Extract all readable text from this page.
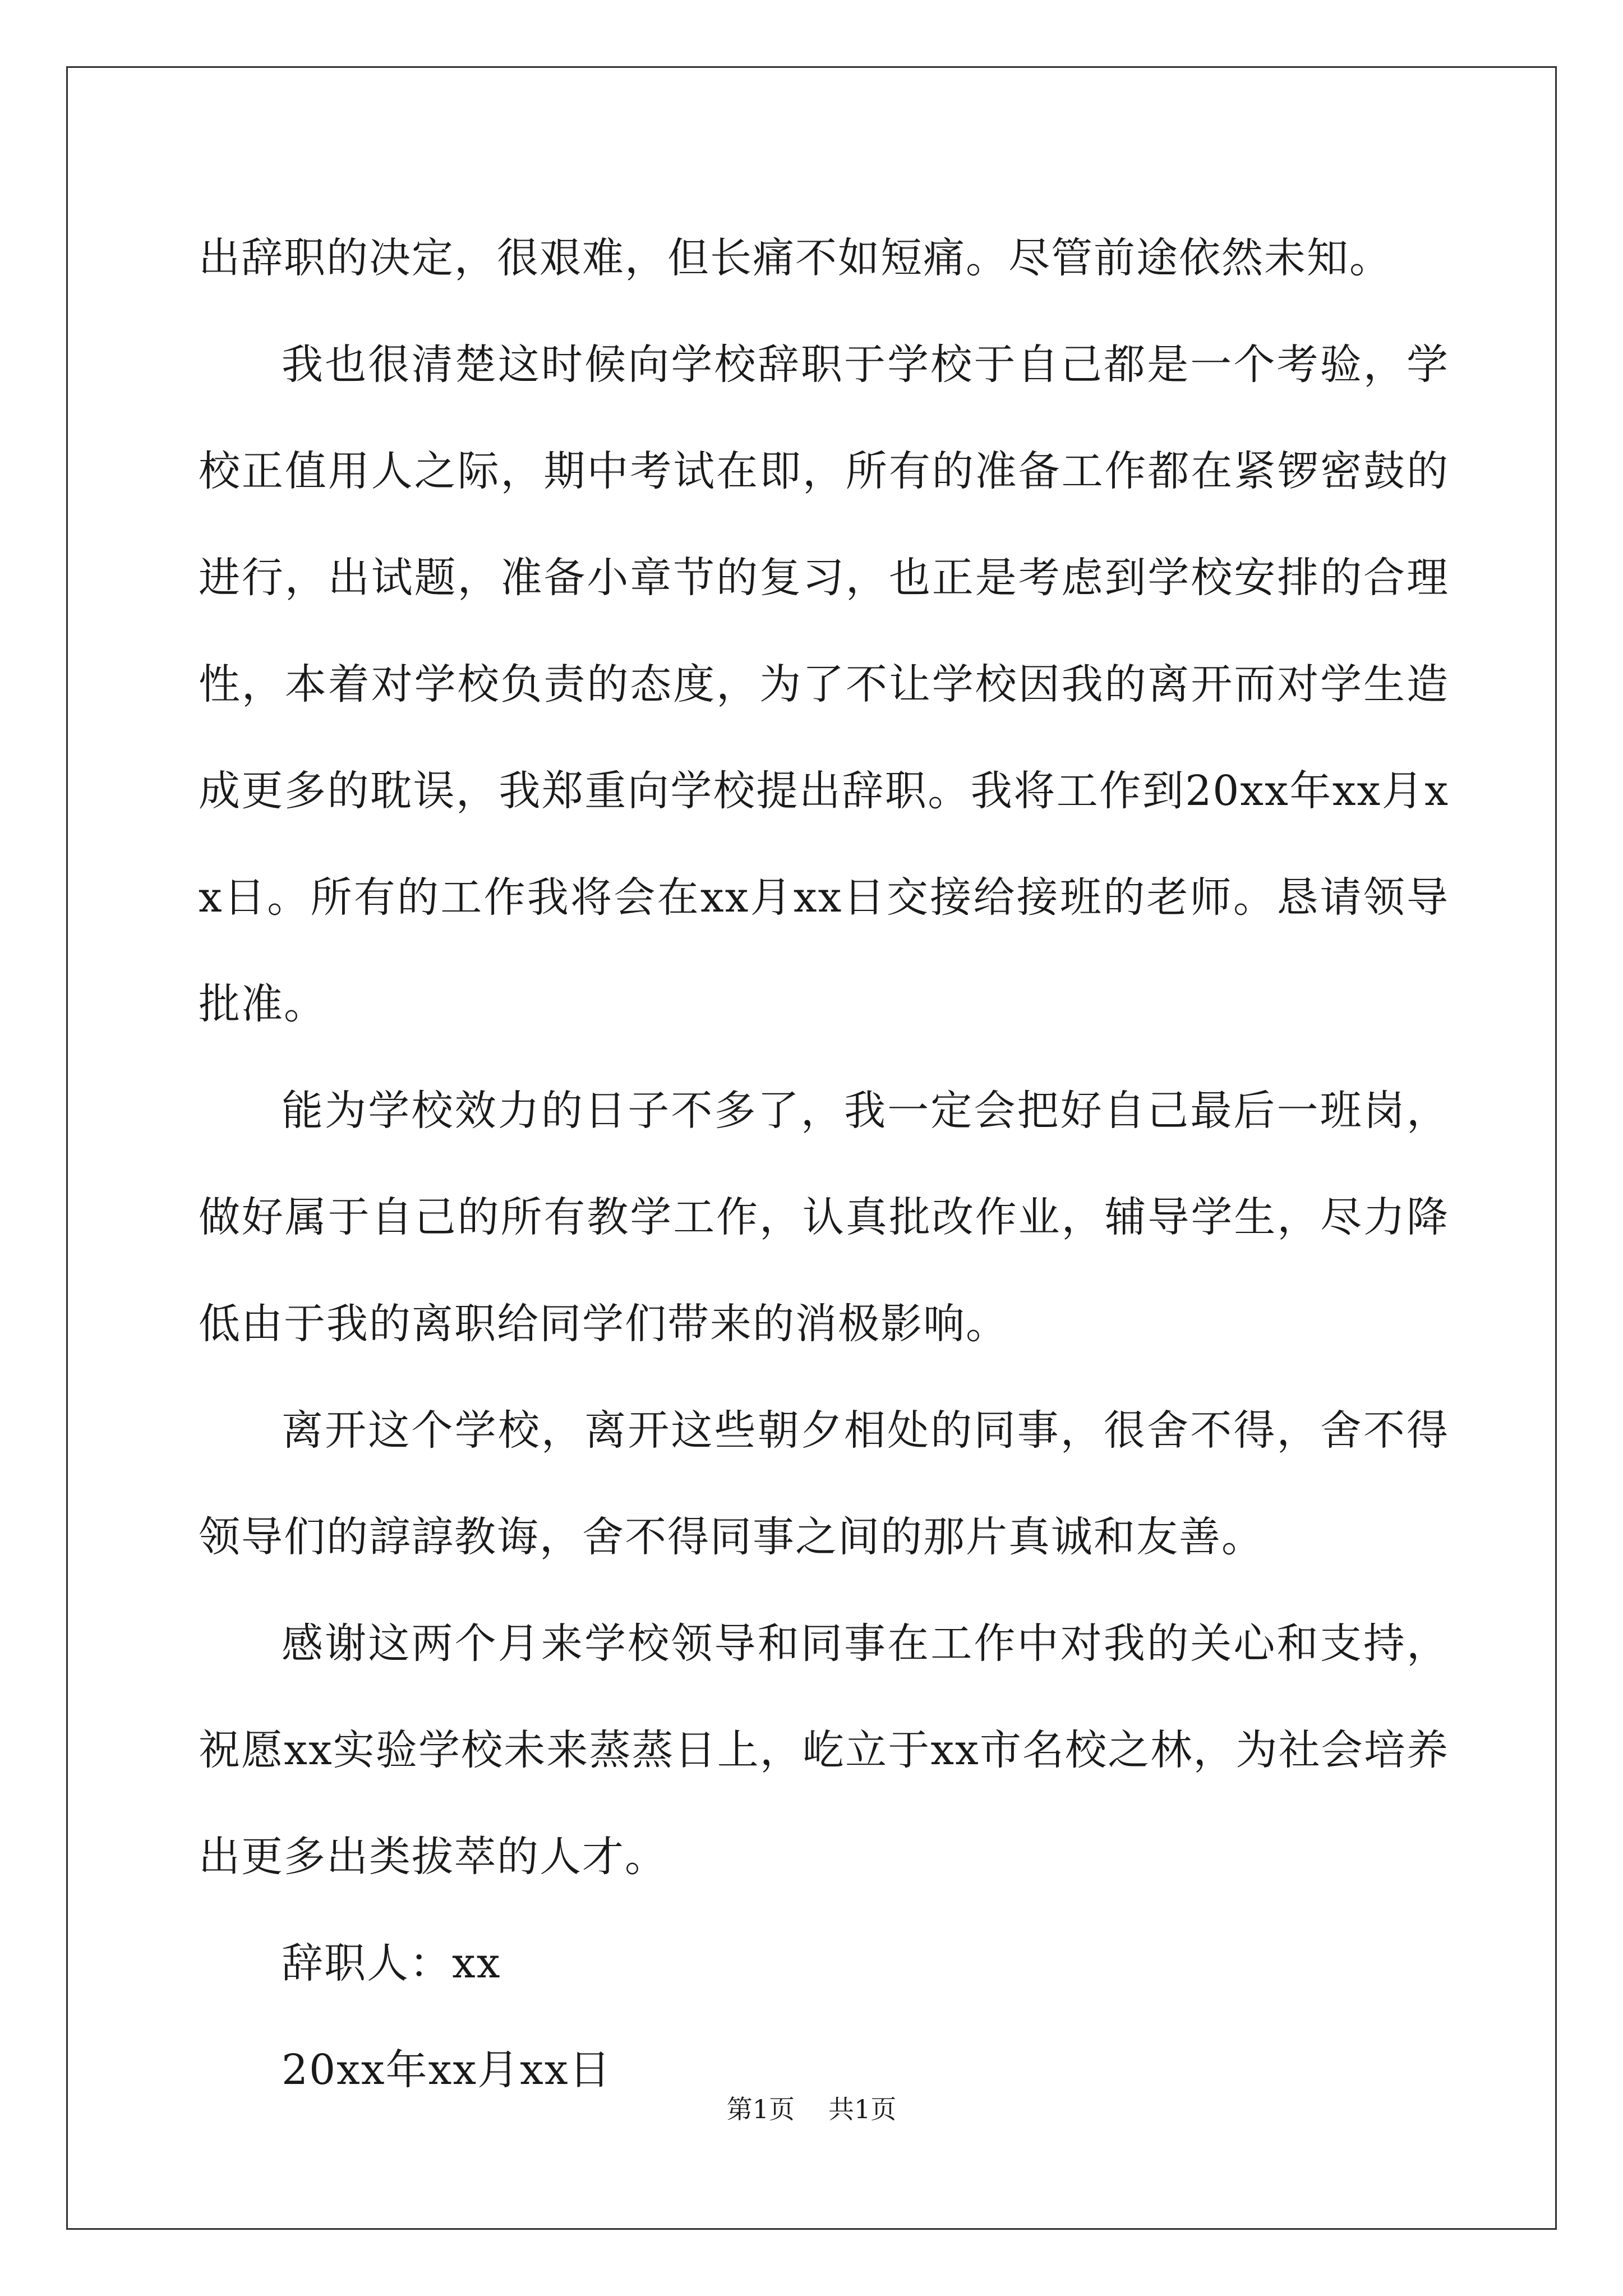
出辞职的决定，很艰难，但长痛不如短痛。尽管前途依然未知。

我也很清楚这时候向学校辞职于学校于自己都是一个考验，学校正值用人之际，期中考试在即，所有的准备工作都在紧锣密鼓的进行，出试题，准备小章节的复习，也正是考虑到学校安排的合理性，本着对学校负责的态度，为了不让学校因我的离开而对学生造成更多的耽误，我郑重向学校提出辞职。我将工作到20xx年xx月xx日。所有的工作我将会在xx月xx日交接给接班的老师。恳请领导批准。

能为学校效力的日子不多了，我一定会把好自己最后一班岗，做好属于自己的所有教学工作，认真批改作业，辅导学生，尽力降低由于我的离职给同学们带来的消极影响。

离开这个学校，离开这些朝夕相处的同事，很舍不得，舍不得领导们的諄諄教诲，舍不得同事之间的那片真诚和友善。

感谢这两个月来学校领导和同事在工作中对我的关心和支持，祝愿xx实验学校未来蒸蒸日上，屹立于xx市名校之林，为社会培养出更多出类拔萃的人才。

辞职人：xx

20xx年xx月xx日

第1页 共1页
